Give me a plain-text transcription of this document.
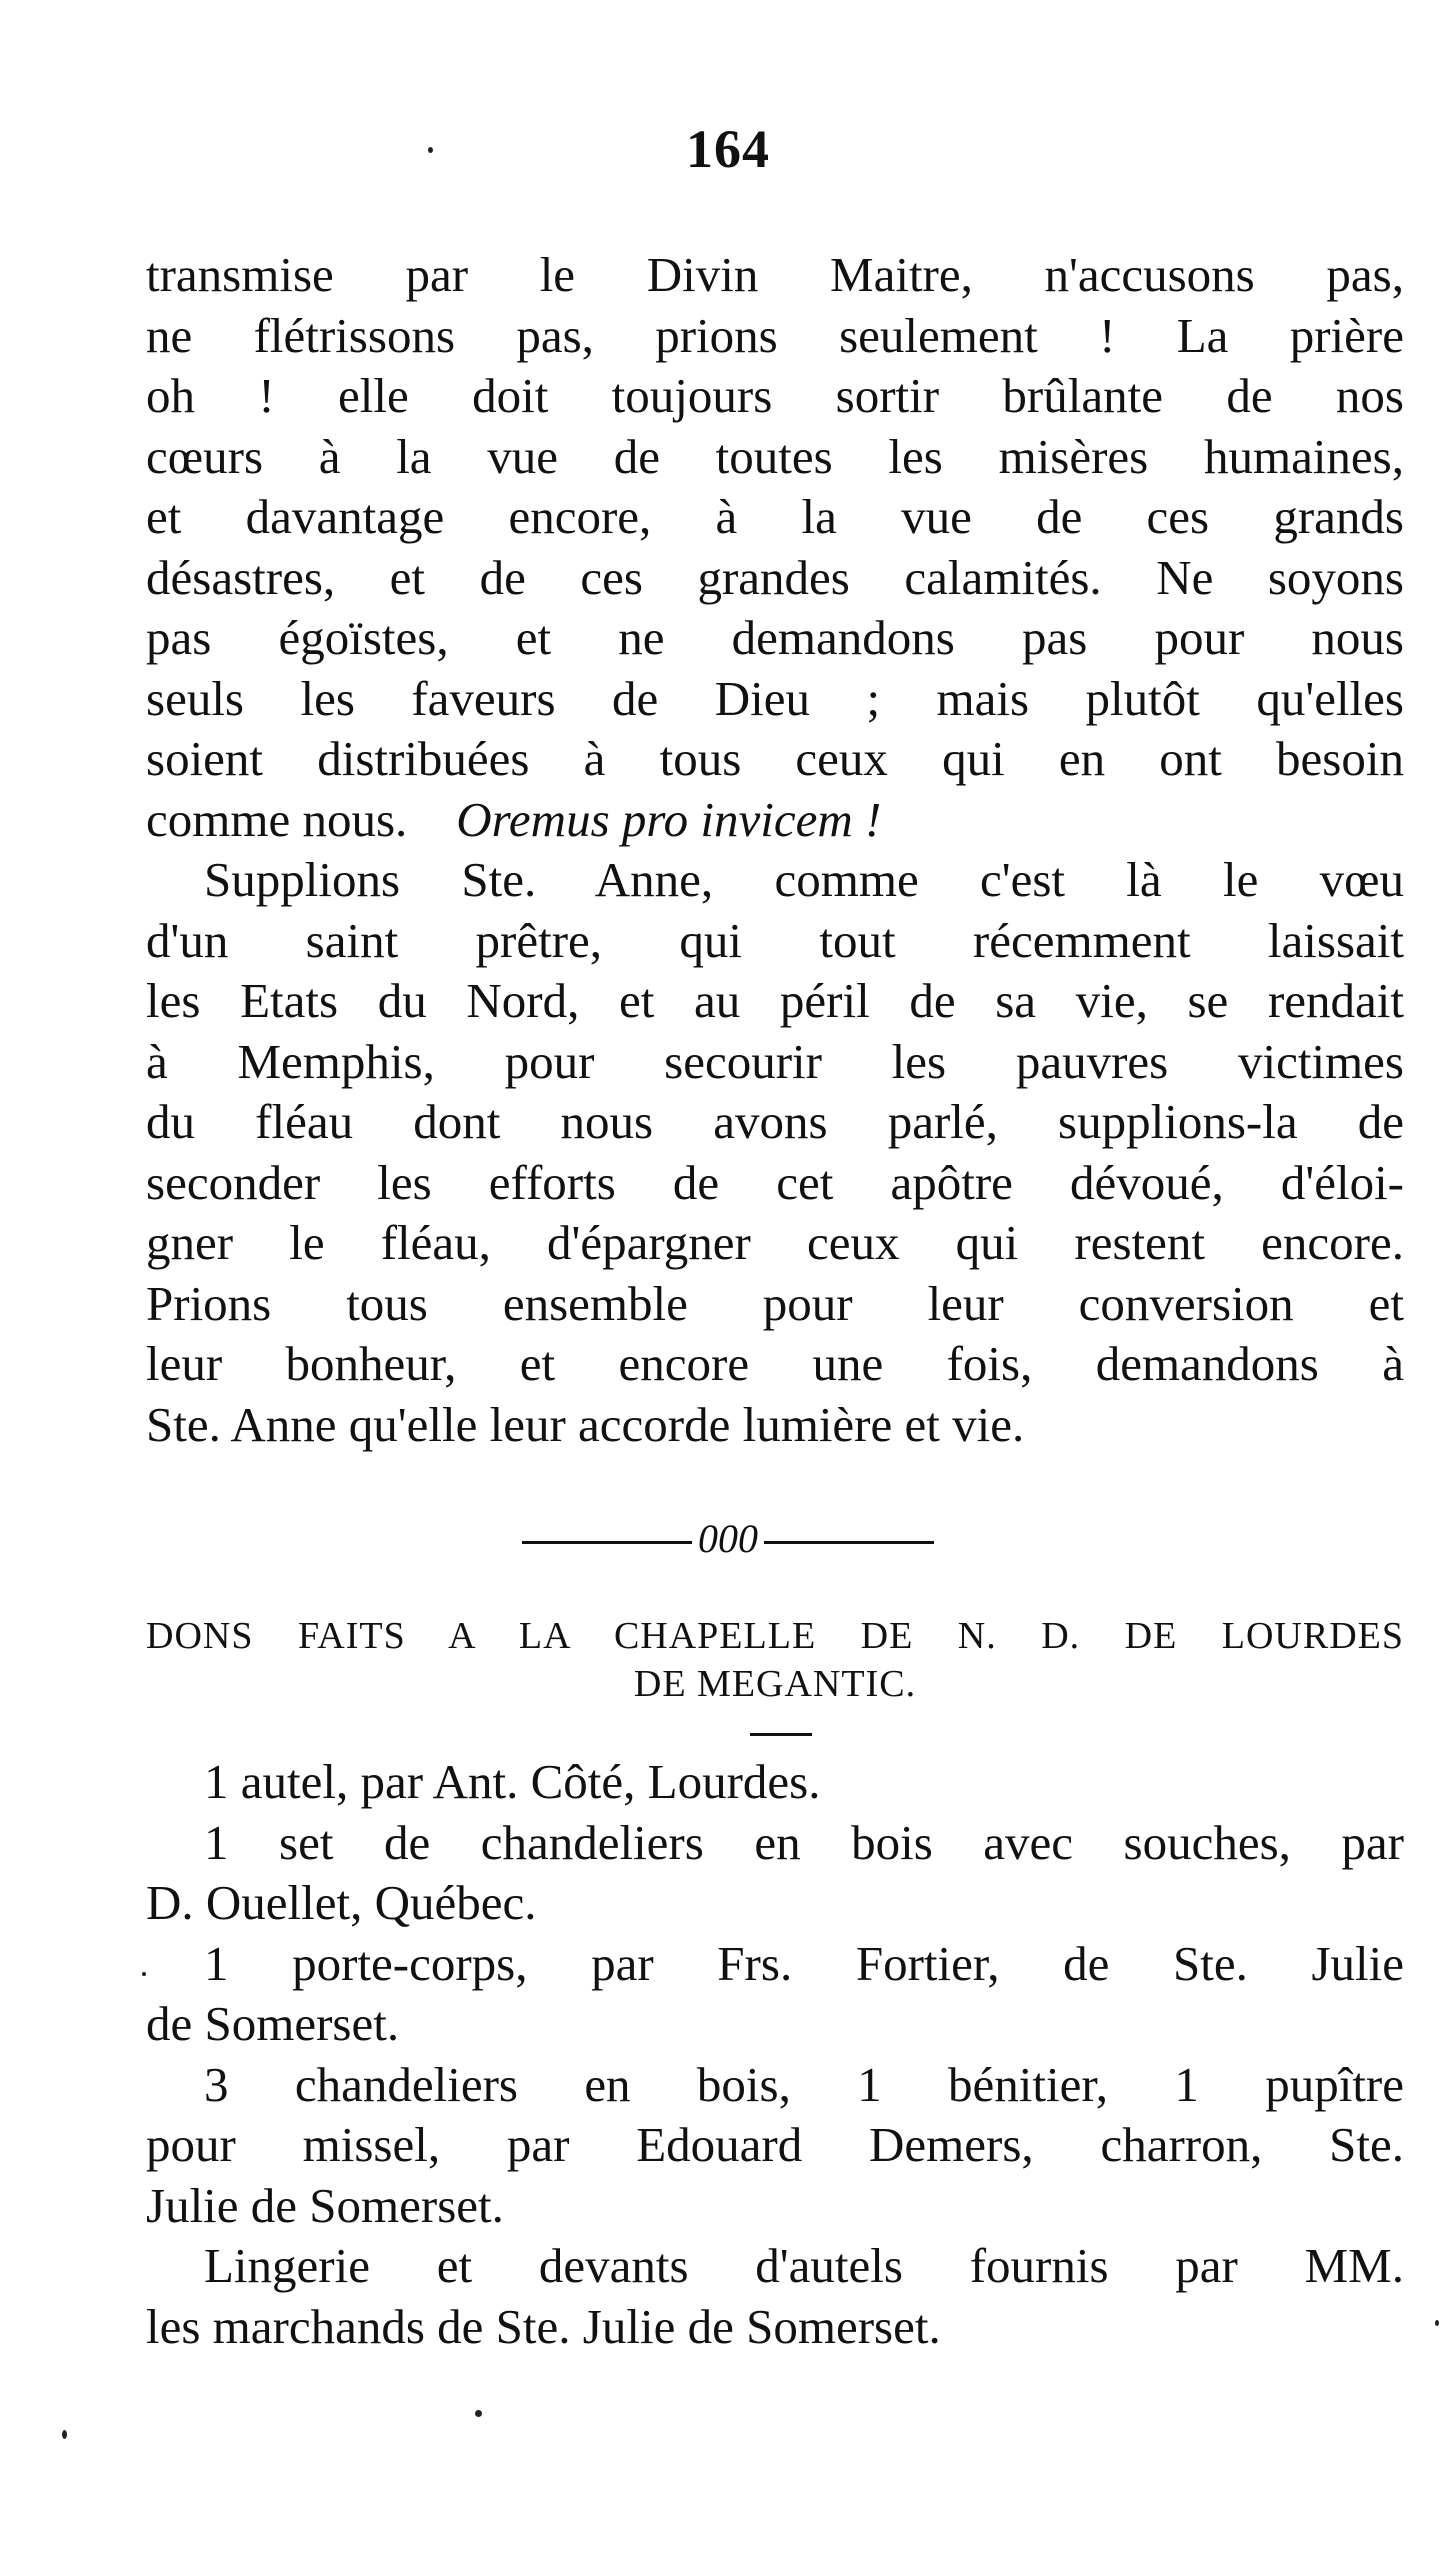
164
transmise par le Divin Maitre, n'accusons pas,
ne flétrissons pas, prions seulement ! La prière
oh ! elle doit toujours sortir brûlante de nos
cœurs à la vue de toutes les misères humaines,
et davantage encore, à la vue de ces grands
désastres, et de ces grandes calamités. Ne soyons
pas égoïstes, et ne demandons pas pour nous
seuls les faveurs de Dieu ; mais plutôt qu'elles
soient distribuées à tous ceux qui en ont besoin
comme nous. Oremus pro invicem !
Supplions Ste. Anne, comme c'est là le vœu
d'un saint prêtre, qui tout récemment laissait
les Etats du Nord, et au péril de sa vie, se rendait
à Memphis, pour secourir les pauvres victimes
du fléau dont nous avons parlé, supplions-la de
seconder les efforts de cet apôtre dévoué, d'éloi-
gner le fléau, d'épargner ceux qui restent encore.
Prions tous ensemble pour leur conversion et
leur bonheur, et encore une fois, demandons à
Ste. Anne qu'elle leur accorde lumière et vie.
000
DONS FAITS A LA CHAPELLE DE N. D. DE LOURDES
DE MEGANTIC.
1 autel, par Ant. Côté, Lourdes.
1 set de chandeliers en bois avec souches, par
D. Ouellet, Québec.
1 porte-corps, par Frs. Fortier, de Ste. Julie
de Somerset.
3 chandeliers en bois, 1 bénitier, 1 pupître
pour missel, par Edouard Demers, charron, Ste.
Julie de Somerset.
Lingerie et devants d'autels fournis par MM.
les marchands de Ste. Julie de Somerset.
